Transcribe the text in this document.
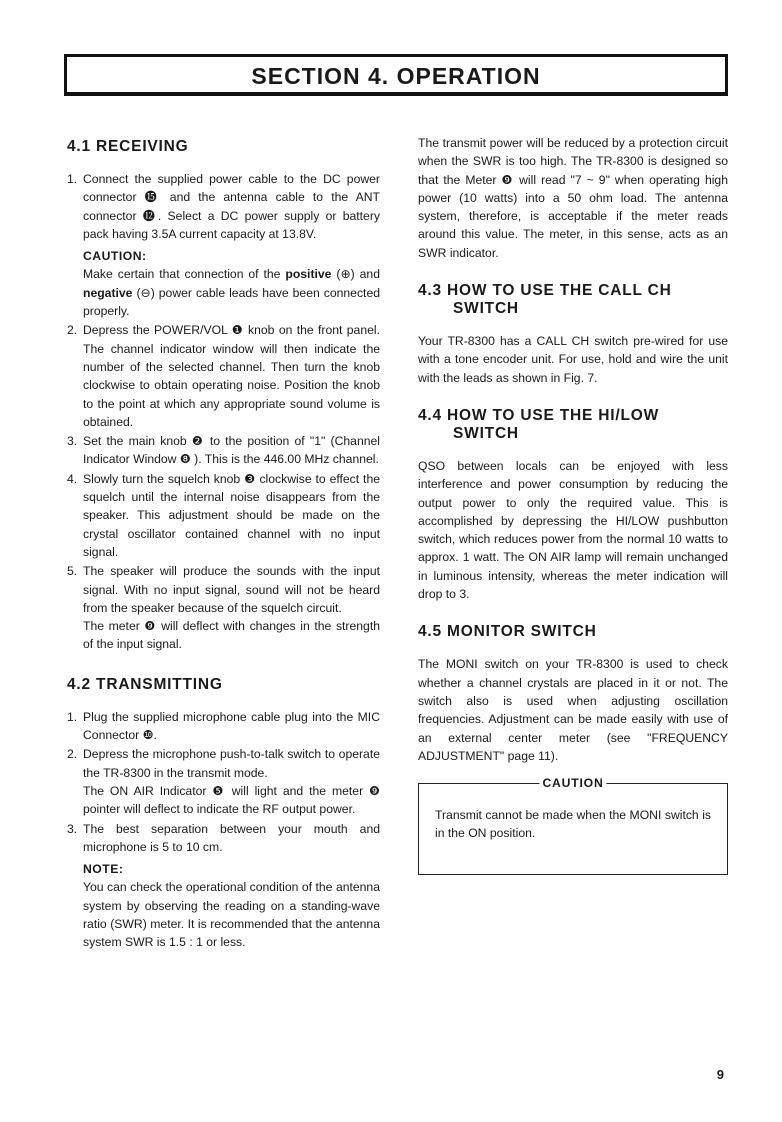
SECTION 4. OPERATION
4.1 RECEIVING
1. Connect the supplied power cable to the DC power connector ⓯ and the antenna cable to the ANT connector ⓬. Select a DC power supply or battery pack having 3.5A current capacity at 13.8V.
CAUTION:
Make certain that connection of the positive (⊕) and negative (⊖) power cable leads have been connected properly.
2. Depress the POWER/VOL ❶ knob on the front panel. The channel indicator window will then indicate the number of the selected channel. Then turn the knob clockwise to obtain operating noise. Position the knob to the point at which any appropriate sound volume is obtained.
3. Set the main knob ❷ to the position of "1" (Channel Indicator Window ❽ ). This is the 446.00 MHz channel.
4. Slowly turn the squelch knob ❸ clockwise to effect the squelch until the internal noise disappears from the speaker. This adjustment should be made on the crystal oscillator contained channel with no input signal.
5. The speaker will produce the sounds with the input signal. With no input signal, sound will not be heard from the speaker because of the squelch circuit.
The meter ❾ will deflect with changes in the strength of the input signal.
4.2 TRANSMITTING
1. Plug the supplied microphone cable plug into the MIC Connector ❿.
2. Depress the microphone push-to-talk switch to operate the TR-8300 in the transmit mode.
The ON AIR Indicator ❺ will light and the meter ❾ pointer will deflect to indicate the RF output power.
3. The best separation between your mouth and microphone is 5 to 10 cm.
NOTE:
You can check the operational condition of the antenna system by observing the reading on a standing-wave ratio (SWR) meter. It is recommended that the antenna system SWR is 1.5 : 1 or less.

The transmit power will be reduced by a protection circuit when the SWR is too high. The TR-8300 is designed so that the Meter ❾ will read "7 ~ 9" when operating high power (10 watts) into a 50 ohm load. The antenna system, therefore, is acceptable if the meter reads around this value. The meter, in this sense, acts as an SWR indicator.

4.3 HOW TO USE THE CALL CH
SWITCH

Your TR-8300 has a CALL CH switch pre-wired for use with a tone encoder unit. For use, hold and wire the unit with the leads as shown in Fig. 7.

4.4 HOW TO USE THE HI/LOW
SWITCH

QSO between locals can be enjoyed with less interference and power consumption by reducing the output power to only the required value. This is accomplished by depressing the HI/LOW pushbutton switch, which reduces power from the normal 10 watts to approx. 1 watt. The ON AIR lamp will remain unchanged in luminous intensity, whereas the meter indication will drop to 3.

4.5 MONITOR SWITCH

The MONI switch on your TR-8300 is used to check whether a channel crystals are placed in it or not. The switch also is used when adjusting oscillation frequencies. Adjustment can be made easily with use of an external center meter (see "FREQUENCY ADJUSTMENT" page 11).

CAUTION

Transmit cannot be made when the MONI switch is in the ON position.

9
